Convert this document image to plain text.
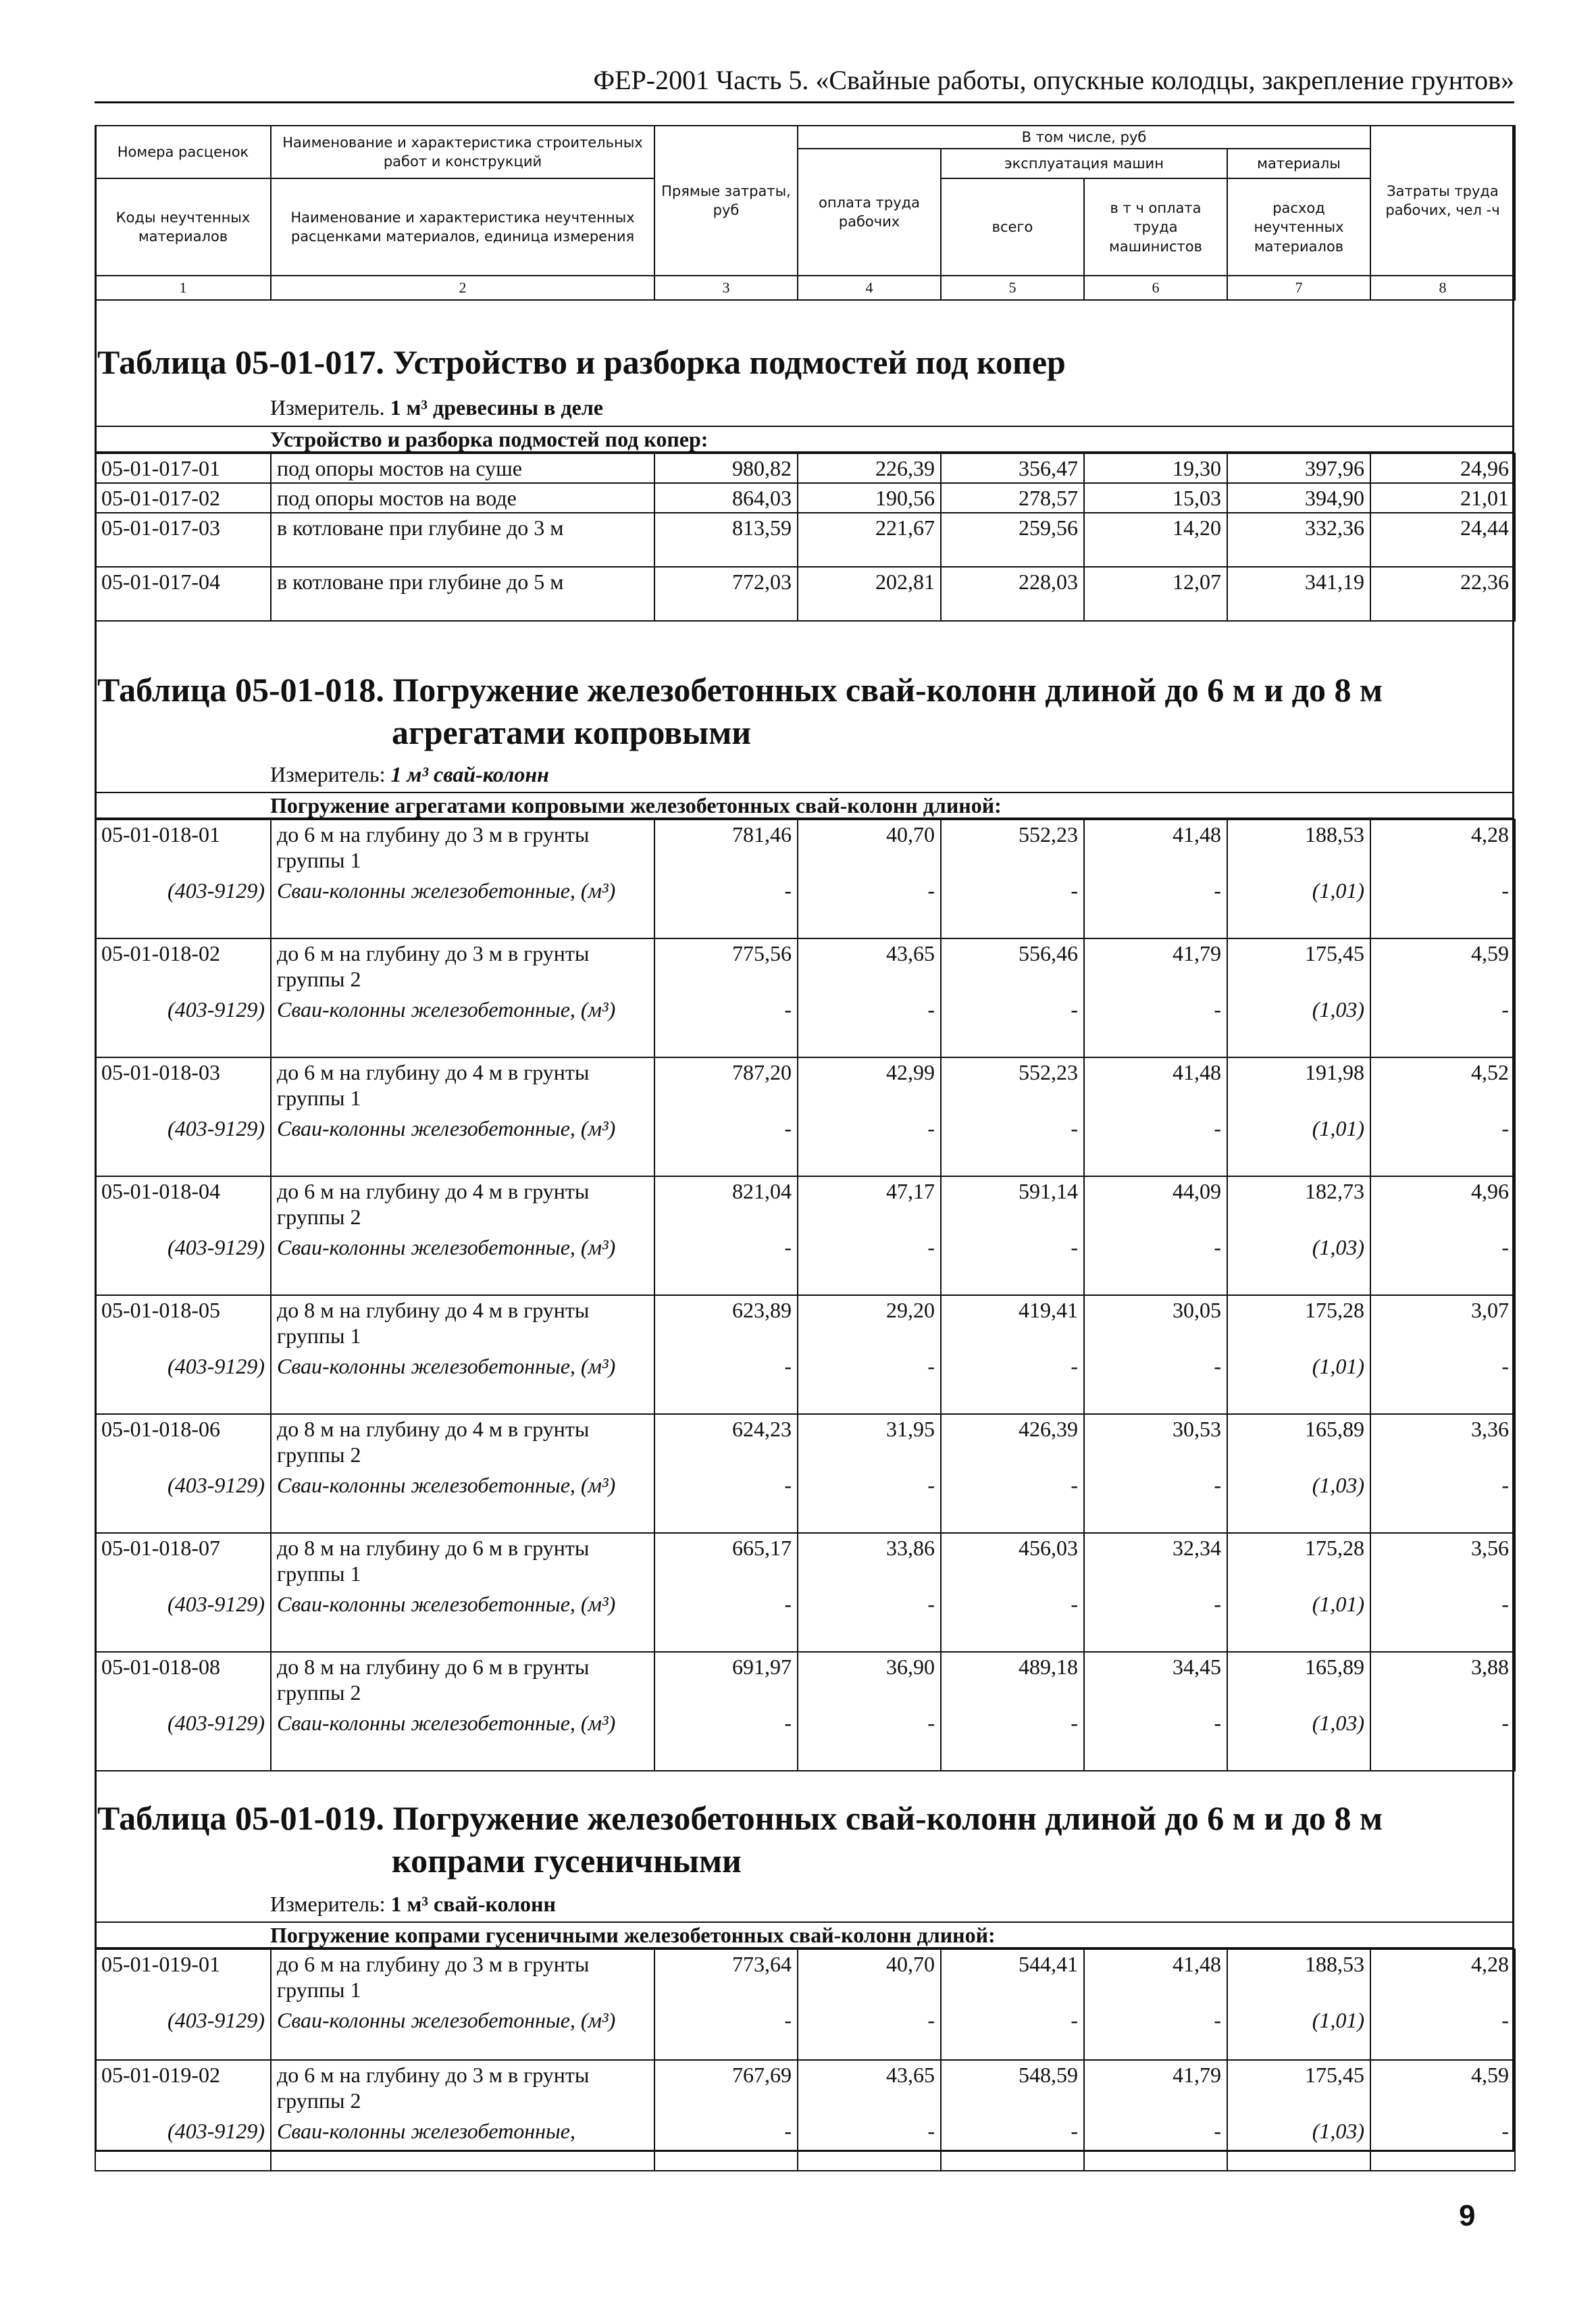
ФЕР-2001 Часть 5. «Свайные работы, опускные колодцы, закрепление грунтов»
Номера расценок	Наименование и характеристика строительных работ и конструкций	Прямые затраты, руб	В том числе, руб				Затраты труда рабочих, чел -ч
			оплата труда рабочих	эксплуатация машин		материалы	
Коды неучтенных материалов	Наименование и характеристика неучтенных расценками материалов, единица измерения			всего	в т ч оплата труда машинистов	расход неучтенных материалов	

1	2	3	4	5	6	7	8
Таблица 05-01-017. Устройство и разборка подмостей под копер
Измеритель. 1 м³ древесины в деле
Устройство и разборка подмостей под копер:
05-01-017-01	под опоры мостов на суше	980,82	226,39	356,47	19,30	397,96	24,96
05-01-017-02	под опоры мостов на воде	864,03	190,56	278,57	15,03	394,90	21,01
05-01-017-03	в котловане при глубине до 3 м	813,59	221,67	259,56	14,20	332,36	24,44
05-01-017-04	в котловане при глубине до 5 м	772,03	202,81	228,03	12,07	341,19	22,36
Таблица 05-01-018. Погружение железобетонных свай-колонн длиной до 6 м и до 8 м
агрегатами копровыми
Измеритель: 1 м³ свай-колонн
Погружение агрегатами копровыми железобетонных свай-колонн длиной:
05-01-018-01	до 6 м на глубину до 3 м в грунты группы 1	781,46	40,70	552,23	41,48	188,53	4,28
(403-9129)	Сваи-колонны железобетонные, (м³)	-	-	-	-	(1,01)	-
05-01-018-02	до 6 м на глубину до 3 м в грунты группы 2	775,56	43,65	556,46	41,79	175,45	4,59
(403-9129)	Сваи-колонны железобетонные, (м³)	-	-	-	-	(1,03)	-
05-01-018-03	до 6 м на глубину до 4 м в грунты группы 1	787,20	42,99	552,23	41,48	191,98	4,52
(403-9129)	Сваи-колонны железобетонные, (м³)	-	-	-	-	(1,01)	-
05-01-018-04	до 6 м на глубину до 4 м в грунты группы 2	821,04	47,17	591,14	44,09	182,73	4,96
(403-9129)	Сваи-колонны железобетонные, (м³)	-	-	-	-	(1,03)	-
05-01-018-05	до 8 м на глубину до 4 м в грунты группы 1	623,89	29,20	419,41	30,05	175,28	3,07
(403-9129)	Сваи-колонны железобетонные, (м³)	-	-	-	-	(1,01)	-
05-01-018-06	до 8 м на глубину до 4 м в грунты группы 2	624,23	31,95	426,39	30,53	165,89	3,36
(403-9129)	Сваи-колонны железобетонные, (м³)	-	-	-	-	(1,03)	-
05-01-018-07	до 8 м на глубину до 6 м в грунты группы 1	665,17	33,86	456,03	32,34	175,28	3,56
(403-9129)	Сваи-колонны железобетонные, (м³)	-	-	-	-	(1,01)	-
05-01-018-08	до 8 м на глубину до 6 м в грунты группы 2	691,97	36,90	489,18	34,45	165,89	3,88
(403-9129)	Сваи-колонны железобетонные, (м³)	-	-	-	-	(1,03)	-
Таблица 05-01-019. Погружение железобетонных свай-колонн длиной до 6 м и до 8 м
копрами гусеничными
Измеритель: 1 м³ свай-колонн
Погружение копрами гусеничными железобетонных свай-колонн длиной:
05-01-019-01	до 6 м на глубину до 3 м в грунты группы 1	773,64	40,70	544,41	41,48	188,53	4,28
(403-9129)	Сваи-колонны железобетонные, (м³)	-	-	-	-	(1,01)	-
05-01-019-02	до 6 м на глубину до 3 м в грунты группы 2	767,69	43,65	548,59	41,79	175,45	4,59
(403-9129)	Сваи-колонны железобетонные,	-	-	-	-	(1,03)	-
9
